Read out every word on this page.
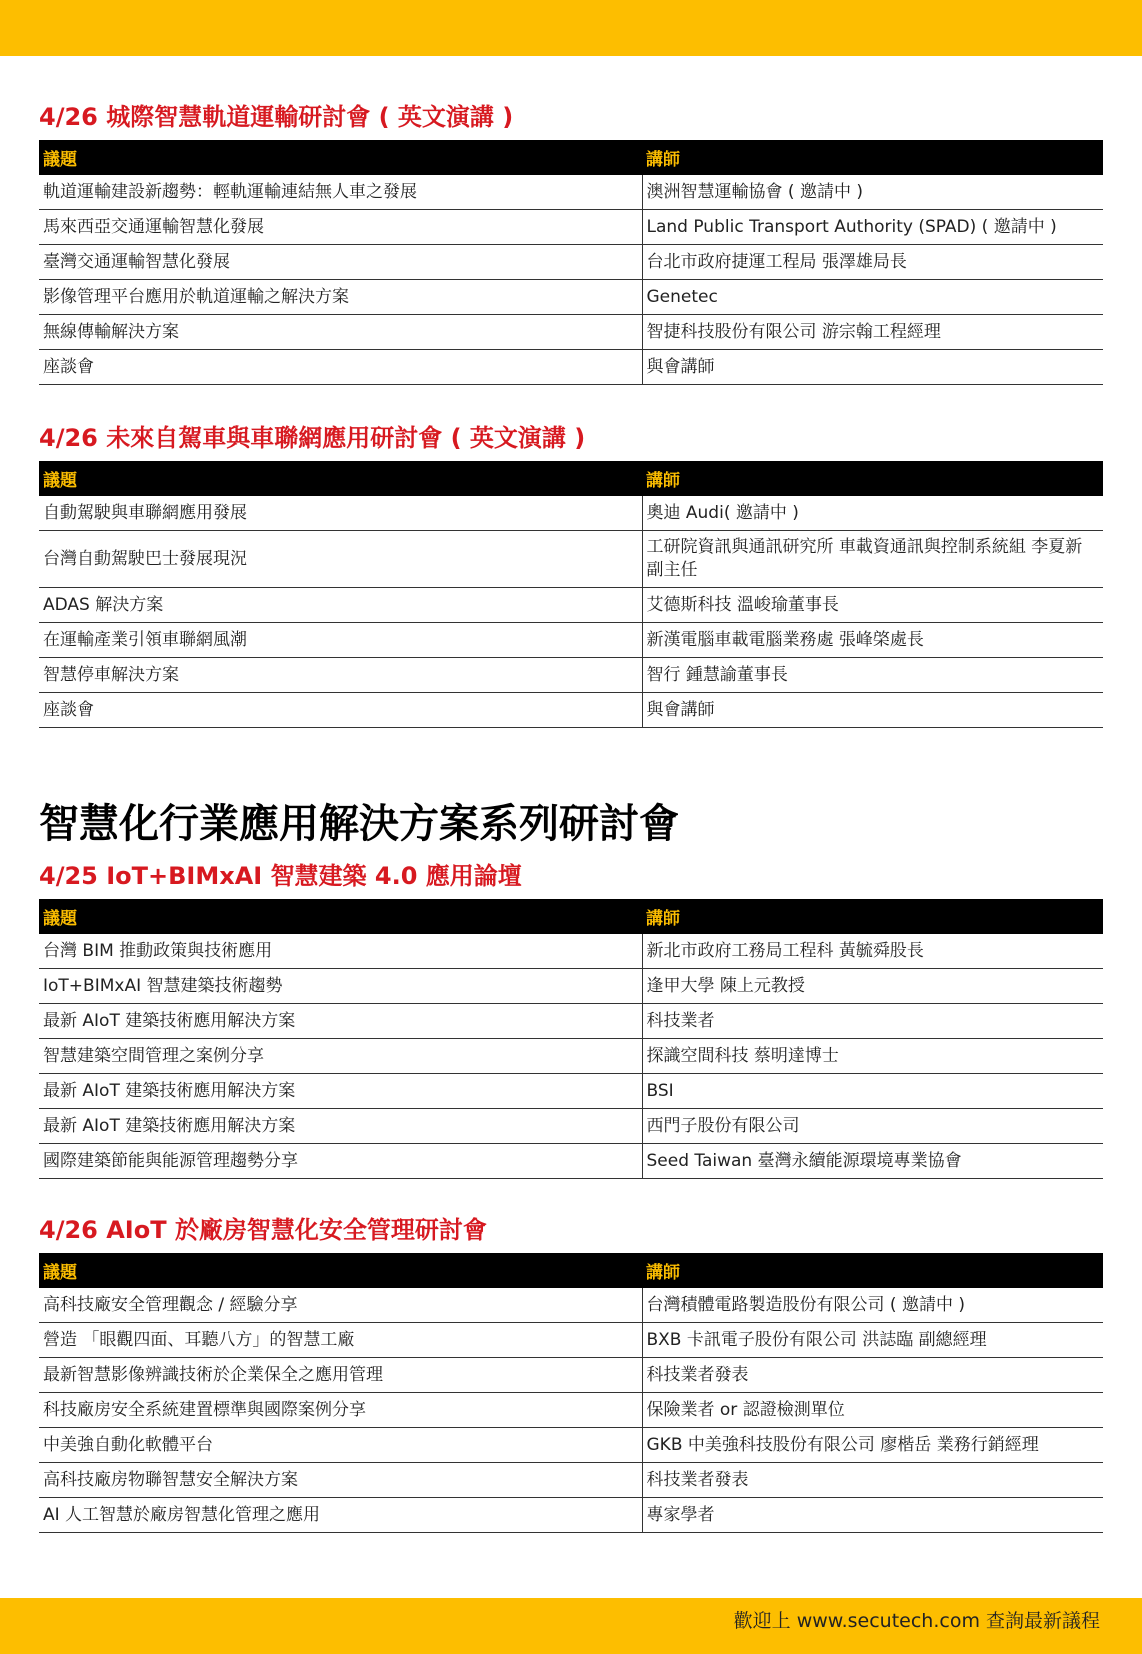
4/26 城際智慧軌道運輸研討會 ( 英文演講 )
議題	講師
軌道運輸建設新趨勢：輕軌運輸連結無人車之發展	澳洲智慧運輸協會 ( 邀請中 )
馬來西亞交通運輸智慧化發展	Land Public Transport Authority (SPAD) ( 邀請中 )
臺灣交通運輸智慧化發展	台北市政府捷運工程局 張澤雄局長
影像管理平台應用於軌道運輸之解決方案	Genetec
無線傳輸解決方案	智捷科技股份有限公司 游宗翰工程經理
座談會	與會講師
4/26 未來自駕車與車聯網應用研討會 ( 英文演講 )
議題	講師
自動駕駛與車聯網應用發展	奧迪 Audi( 邀請中 )
台灣自動駕駛巴士發展現況	工研院資訊與通訊研究所 車載資通訊與控制系統組 李夏新 副主任
ADAS 解決方案	艾德斯科技 溫峻瑜董事長
在運輸產業引領車聯網風潮	新漢電腦車載電腦業務處 張峰棨處長
智慧停車解決方案	智行 鍾慧諭董事長
座談會	與會講師
智慧化行業應用解決方案系列研討會
4/25 IoT+BIMxAI 智慧建築 4.0 應用論壇
議題	講師
台灣 BIM 推動政策與技術應用	新北市政府工務局工程科 黃毓舜股長
IoT+BIMxAI 智慧建築技術趨勢	逢甲大學 陳上元教授
最新 AIoT 建築技術應用解決方案	科技業者
智慧建築空間管理之案例分享	探識空間科技 蔡明達博士
最新 AIoT 建築技術應用解決方案	BSI
最新 AIoT 建築技術應用解決方案	西門子股份有限公司
國際建築節能與能源管理趨勢分享	Seed Taiwan 臺灣永續能源環境專業協會
4/26 AIoT 於廠房智慧化安全管理研討會
議題	講師
高科技廠安全管理觀念 / 經驗分享	台灣積體電路製造股份有限公司 ( 邀請中 )
營造 「眼觀四面、耳聽八方」的智慧工廠	BXB 卡訊電子股份有限公司 洪誌臨 副總經理
最新智慧影像辨識技術於企業保全之應用管理	科技業者發表
科技廠房安全系統建置標準與國際案例分享	保險業者 or 認證檢測單位
中美強自動化軟體平台	GKB 中美強科技股份有限公司 廖楷岳 業務行銷經理
高科技廠房物聯智慧安全解決方案	科技業者發表
AI 人工智慧於廠房智慧化管理之應用	專家學者
歡迎上 www.secutech.com 查詢最新議程
